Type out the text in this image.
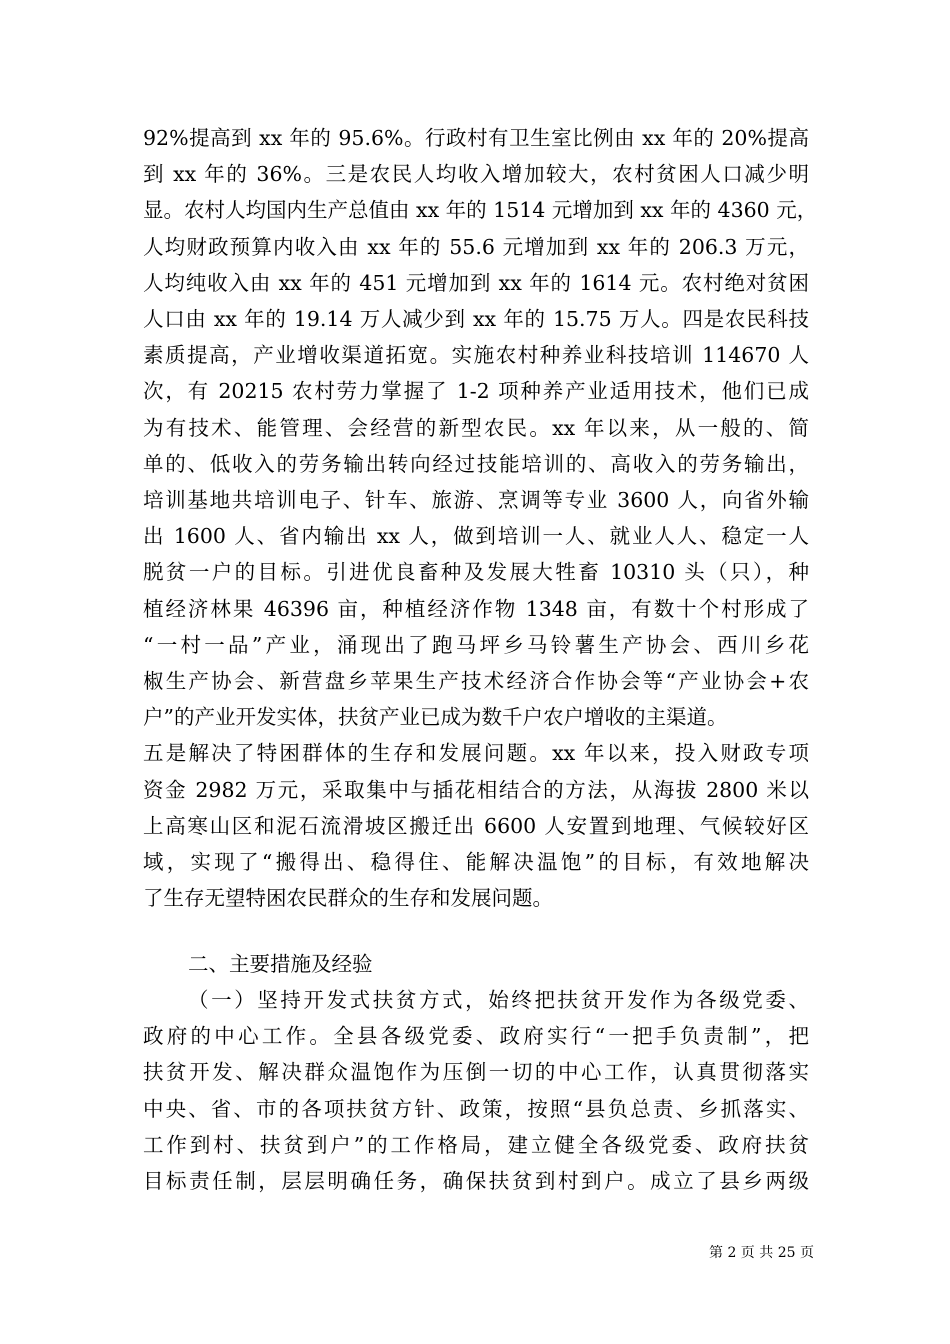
92%提高到 xx 年的 95.6%。行政村有卫生室比例由 xx 年的 20%提高
到 xx 年的 36%。三是农民人均收入增加较大，农村贫困人口减少明
显。农村人均国内生产总值由 xx 年的 1514 元增加到 xx 年的 4360 元，
人均财政预算内收入由 xx 年的 55.6 元增加到 xx 年的 206.3 万元，
人均纯收入由 xx 年的 451 元增加到 xx 年的 1614 元。农村绝对贫困
人口由 xx 年的 19.14 万人减少到 xx 年的 15.75 万人。四是农民科技
素质提高，产业增收渠道拓宽。实施农村种养业科技培训 114670 人
次，有 20215 农村劳力掌握了 1-2 项种养产业适用技术，他们已成
为有技术、能管理、会经营的新型农民。xx 年以来，从一般的、简
单的、低收入的劳务输出转向经过技能培训的、高收入的劳务输出，
培训基地共培训电子、针车、旅游、烹调等专业 3600 人，向省外输
出 1600 人、省内输出 xx 人，做到培训一人、就业人人、稳定一人
脱贫一户的目标。引进优良畜种及发展大牲畜 10310 头（只），种
植经济林果 46396 亩，种植经济作物 1348 亩，有数十个村形成了
“一村一品”产业，涌现出了跑马坪乡马铃薯生产协会、西川乡花
椒生产协会、新营盘乡苹果生产技术经济合作协会等“产业协会+农
户”的产业开发实体，扶贫产业已成为数千户农户增收的主渠道。
五是解决了特困群体的生存和发展问题。xx 年以来，投入财政专项
资金 2982 万元，采取集中与插花相结合的方法，从海拔 2800 米以
上高寒山区和泥石流滑坡区搬迁出 6600 人安置到地理、气候较好区
域，实现了“搬得出、稳得住、能解决温饱”的目标，有效地解决
了生存无望特困农民群众的生存和发展问题。
二、主要措施及经验
（一）坚持开发式扶贫方式，始终把扶贫开发作为各级党委、
政府的中心工作。全县各级党委、政府实行“一把手负责制”，把
扶贫开发、解决群众温饱作为压倒一切的中心工作，认真贯彻落实
中央、省、市的各项扶贫方针、政策，按照“县负总责、乡抓落实、
工作到村、扶贫到户”的工作格局，建立健全各级党委、政府扶贫
目标责任制，层层明确任务，确保扶贫到村到户。成立了县乡两级
第 2 页 共 25 页
